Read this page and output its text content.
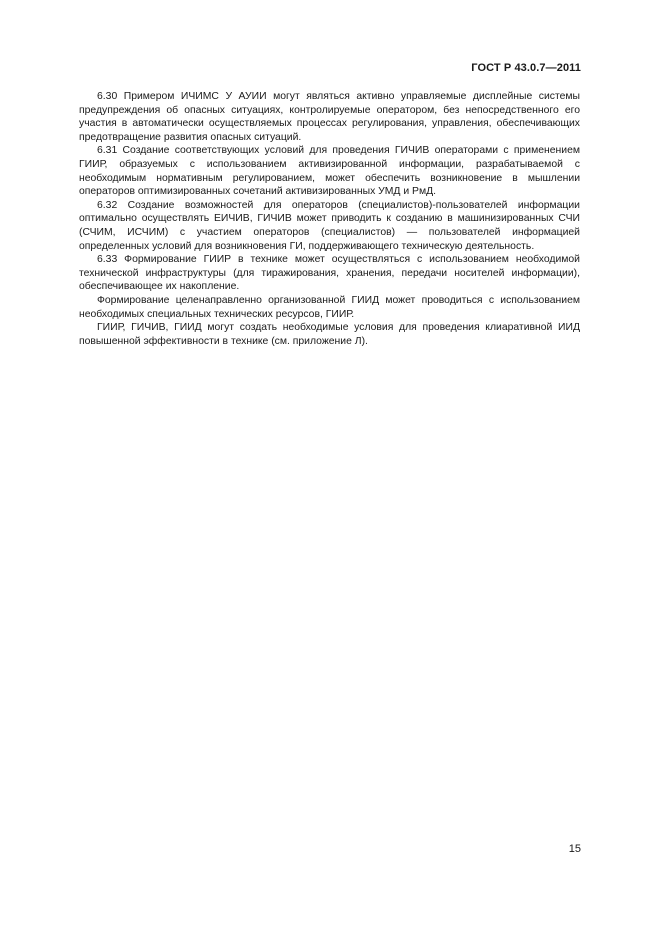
ГОСТ Р 43.0.7—2011

6.30 Примером ИЧИМС У АУИИ могут являться активно управляемые дисплейные системы предупреждения об опасных ситуациях, контролируемые оператором, без непосредственного его участия в автоматически осуществляемых процессах регулирования, управления, обеспечивающих предотвращение развития опасных ситуаций.

6.31 Создание соответствующих условий для проведения ГИЧИВ операторами с применением ГИИР, образуемых с использованием активизированной информации, разрабатываемой с необходимым нормативным регулированием, может обеспечить возникновение в мышлении операторов оптимизированных сочетаний активизированных УМД и РмД.

6.32 Создание возможностей для операторов (специалистов)-пользователей информации оптимально осуществлять ЕИЧИВ, ГИЧИВ может приводить к созданию в машинизированных СЧИ (СЧИМ, ИСЧИМ) с участием операторов (специалистов) — пользователей информацией определенных условий для возникновения ГИ, поддерживающего техническую деятельность.

6.33 Формирование ГИИР в технике может осуществляться с использованием необходимой технической инфраструктуры (для тиражирования, хранения, передачи носителей информации), обеспечивающее их накопление.

Формирование целенаправленно организованной ГИИД может проводиться с использованием необходимых специальных технических ресурсов, ГИИР.

ГИИР, ГИЧИВ, ГИИД могут создать необходимые условия для проведения клиаративной ИИД повышенной эффективности в технике (см. приложение Л).

15
